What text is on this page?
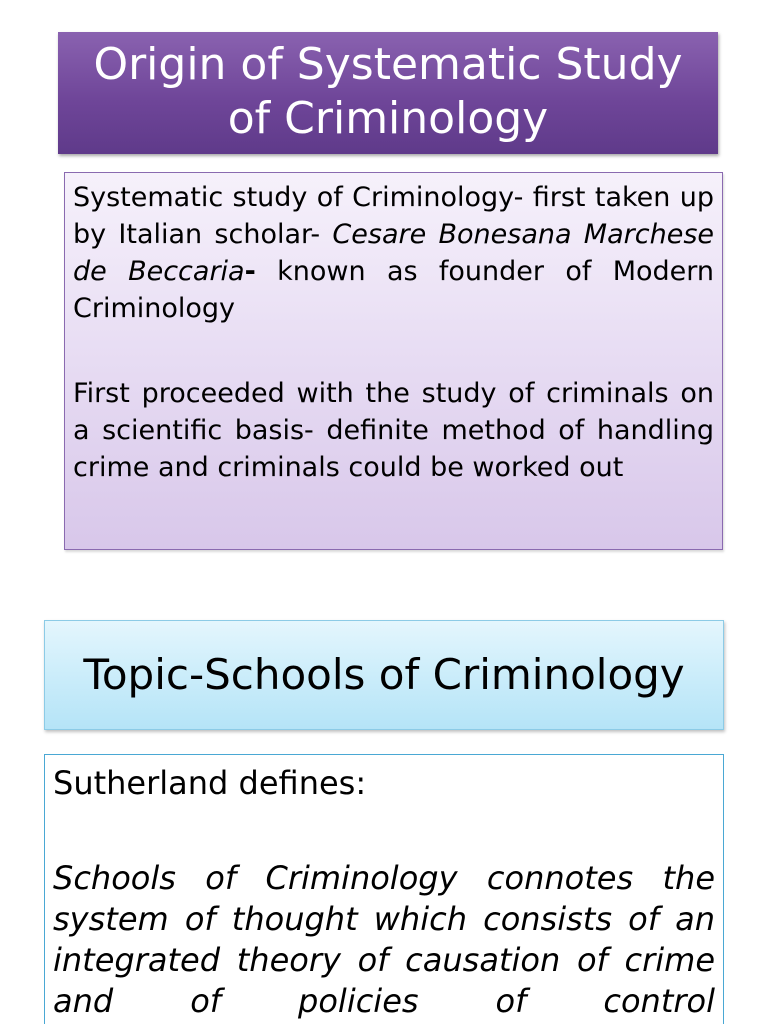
Origin of Systematic Study of Criminology

Systematic study of Criminology- first taken up by Italian scholar- Cesare Bonesana Marchese de Beccaria- known as founder of Modern Criminology

First proceeded with the study of criminals on a scientific basis- definite method of handling crime and criminals could be worked out

Topic-Schools of Criminology

Sutherland defines:

Schools of Criminology connotes the system of thought which consists of an integrated theory of causation of crime and of policies of control
